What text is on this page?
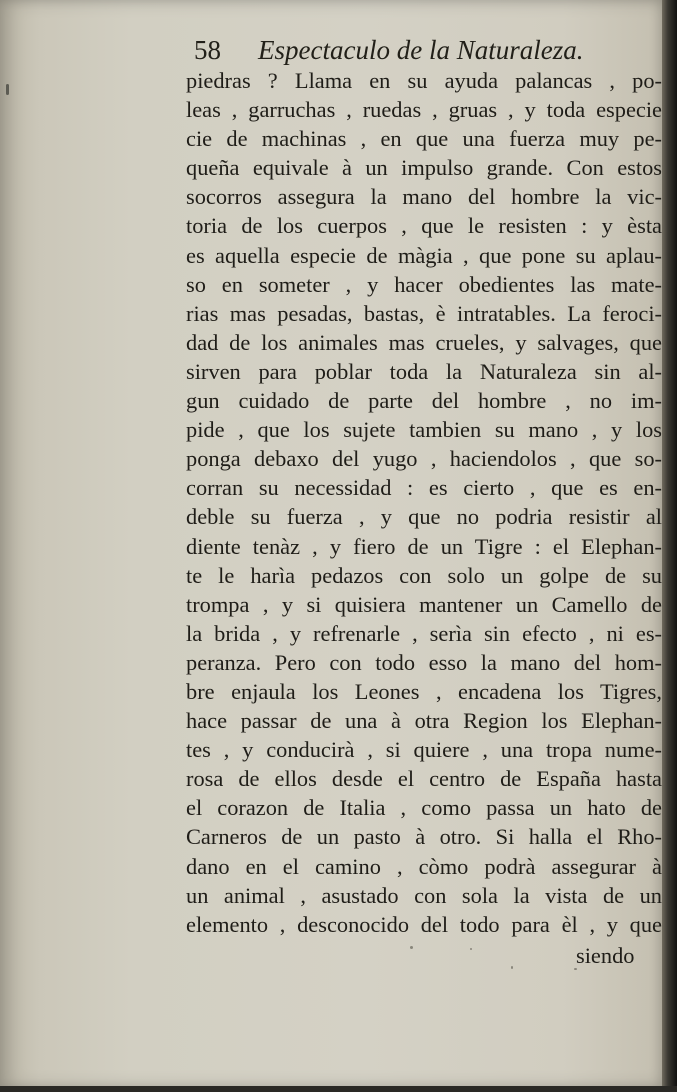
58 Espectaculo de la Naturaleza.
piedras ? Llama en su ayuda palancas , po-
leas , garruchas , ruedas , gruas , y toda especie
cie de machinas , en que una fuerza muy pe-
queña equivale à un impulso grande. Con estos
socorros assegura la mano del hombre la vic-
toria de los cuerpos , que le resisten : y èsta
es aquella especie de màgia , que pone su aplau-
so en someter , y hacer obedientes las mate-
rias mas pesadas, bastas, è intratables. La feroci-
dad de los animales mas crueles, y salvages, que
sirven para poblar toda la Naturaleza sin al-
gun cuidado de parte del hombre , no im-
pide , que los sujete tambien su mano , y los
ponga debaxo del yugo , haciendolos , que so-
corran su necessidad : es cierto , que es en-
deble su fuerza , y que no podria resistir al
diente tenàz , y fiero de un Tigre : el Elephan-
te le harìa pedazos con solo un golpe de su
trompa , y si quisiera mantener un Camello de
la brida , y refrenarle , serìa sin efecto , ni es-
peranza. Pero con todo esso la mano del hom-
bre enjaula los Leones , encadena los Tigres,
hace passar de una à otra Region los Elephan-
tes , y conducirà , si quiere , una tropa nume-
rosa de ellos desde el centro de España hasta
el corazon de Italia , como passa un hato de
Carneros de un pasto à otro. Si halla el Rho-
dano en el camino , còmo podrà assegurar à
un animal , asustado con sola la vista de un
elemento , desconocido del todo para èl , y que
siendo
